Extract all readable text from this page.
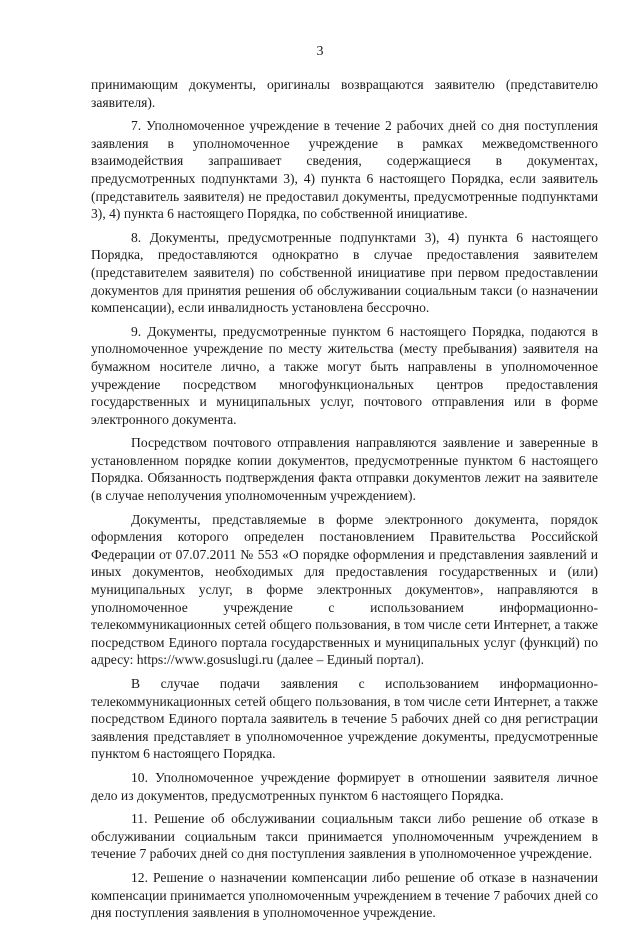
3

принимающим документы, оригиналы возвращаются заявителю (представителю заявителя).

7. Уполномоченное учреждение в течение 2 рабочих дней со дня поступления заявления в уполномоченное учреждение в рамках межведомственного взаимодействия запрашивает сведения, содержащиеся в документах, предусмотренных подпунктами 3), 4) пункта 6 настоящего Порядка, если заявитель (представитель заявителя) не предоставил документы, предусмотренные подпунктами 3), 4) пункта 6 настоящего Порядка, по собственной инициативе.

8. Документы, предусмотренные подпунктами 3), 4) пункта 6 настоящего Порядка, предоставляются однократно в случае предоставления заявителем (представителем заявителя) по собственной инициативе при первом предоставлении документов для принятия решения об обслуживании социальным такси (о назначении компенсации), если инвалидность установлена бессрочно.

9. Документы, предусмотренные пунктом 6 настоящего Порядка, подаются в уполномоченное учреждение по месту жительства (месту пребывания) заявителя на бумажном носителе лично, а также могут быть направлены в уполномоченное учреждение посредством многофункциональных центров предоставления государственных и муниципальных услуг, почтового отправления или в форме электронного документа.

Посредством почтового отправления направляются заявление и заверенные в установленном порядке копии документов, предусмотренные пунктом 6 настоящего Порядка. Обязанность подтверждения факта отправки документов лежит на заявителе (в случае неполучения уполномоченным учреждением).

Документы, представляемые в форме электронного документа, порядок оформления которого определен постановлением Правительства Российской Федерации от 07.07.2011 № 553 «О порядке оформления и представления заявлений и иных документов, необходимых для предоставления государственных и (или) муниципальных услуг, в форме электронных документов», направляются в уполномоченное учреждение с использованием информационно-телекоммуникационных сетей общего пользования, в том числе сети Интернет, а также посредством Единого портала государственных и муниципальных услуг (функций) по адресу: https://www.gosuslugi.ru (далее – Единый портал).

В случае подачи заявления с использованием информационно-телекоммуникационных сетей общего пользования, в том числе сети Интернет, а также посредством Единого портала заявитель в течение 5 рабочих дней со дня регистрации заявления представляет в уполномоченное учреждение документы, предусмотренные пунктом 6 настоящего Порядка.

10. Уполномоченное учреждение формирует в отношении заявителя личное дело из документов, предусмотренных пунктом 6 настоящего Порядка.

11. Решение об обслуживании социальным такси либо решение об отказе в обслуживании социальным такси принимается уполномоченным учреждением в течение 7 рабочих дней со дня поступления заявления в уполномоченное учреждение.

12. Решение о назначении компенсации либо решение об отказе в назначении компенсации принимается уполномоченным учреждением в течение 7 рабочих дней со дня поступления заявления в уполномоченное учреждение.
